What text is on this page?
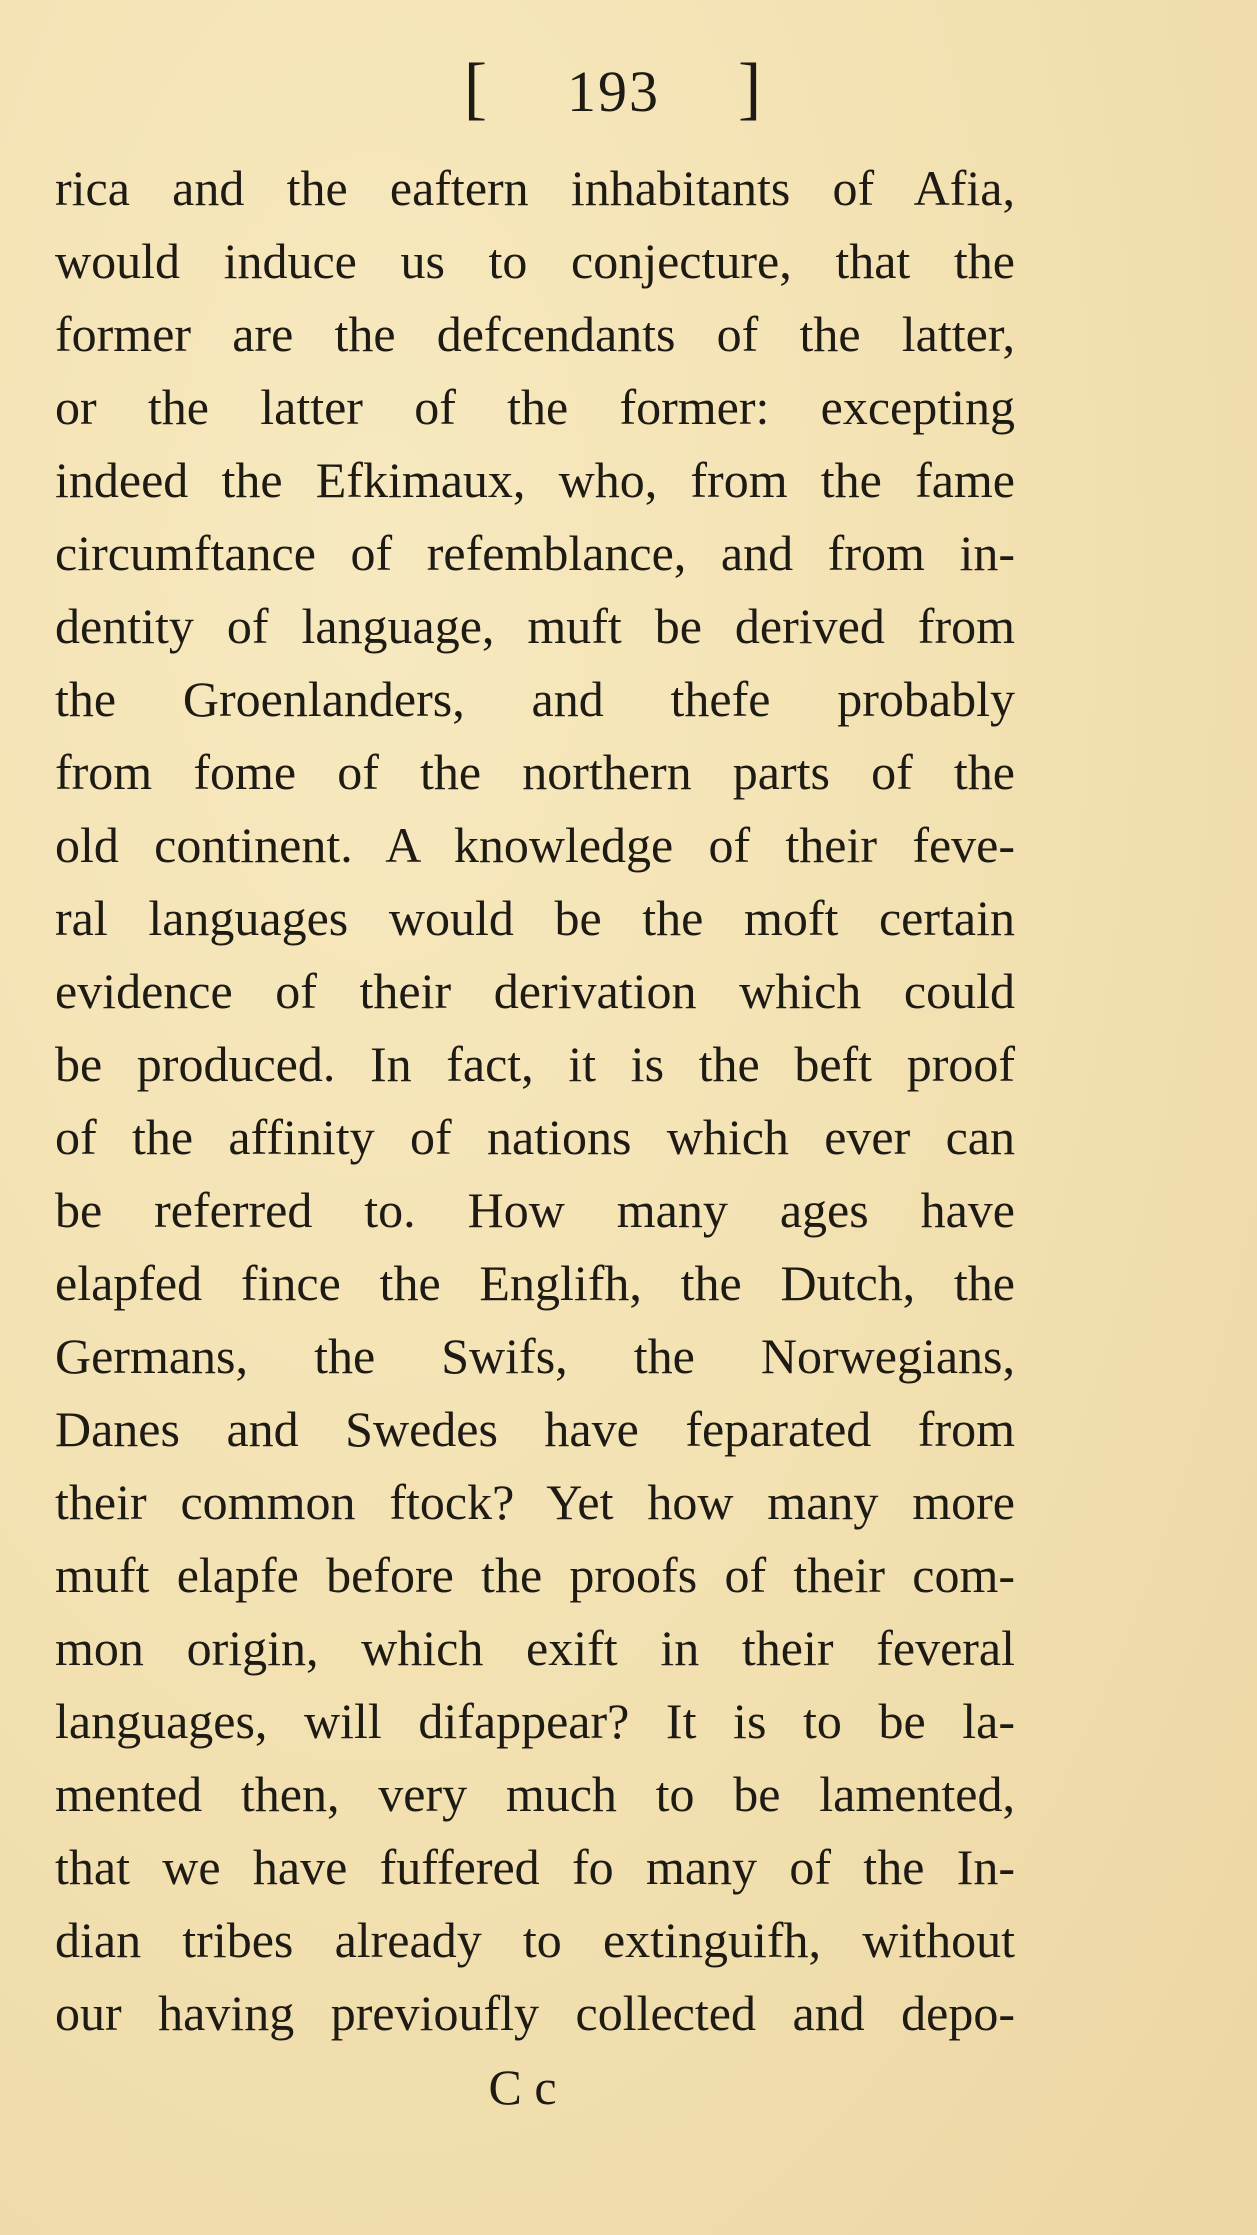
[ 193 ]
rica and the eaftern inhabitants of Afia,
would induce us to conjecture, that the
former are the defcendants of the latter,
or the latter of the former: excepting
indeed the Efkimaux, who, from the fame
circumftance of refemblance, and from in-
dentity of language, muft be derived from
the Groenlanders, and thefe probably
from fome of the northern parts of the
old continent. A knowledge of their feve-
ral languages would be the moft certain
evidence of their derivation which could
be produced. In fact, it is the beft proof
of the affinity of nations which ever can
be referred to. How many ages have
elapfed fince the Englifh, the Dutch, the
Germans, the Swifs, the Norwegians,
Danes and Swedes have feparated from
their common ftock? Yet how many more
muft elapfe before the proofs of their com-
mon origin, which exift in their feveral
languages, will difappear? It is to be la-
mented then, very much to be lamented,
that we have fuffered fo many of the In-
dian tribes already to extinguifh, without
our having previoufly collected and depo-
C c
